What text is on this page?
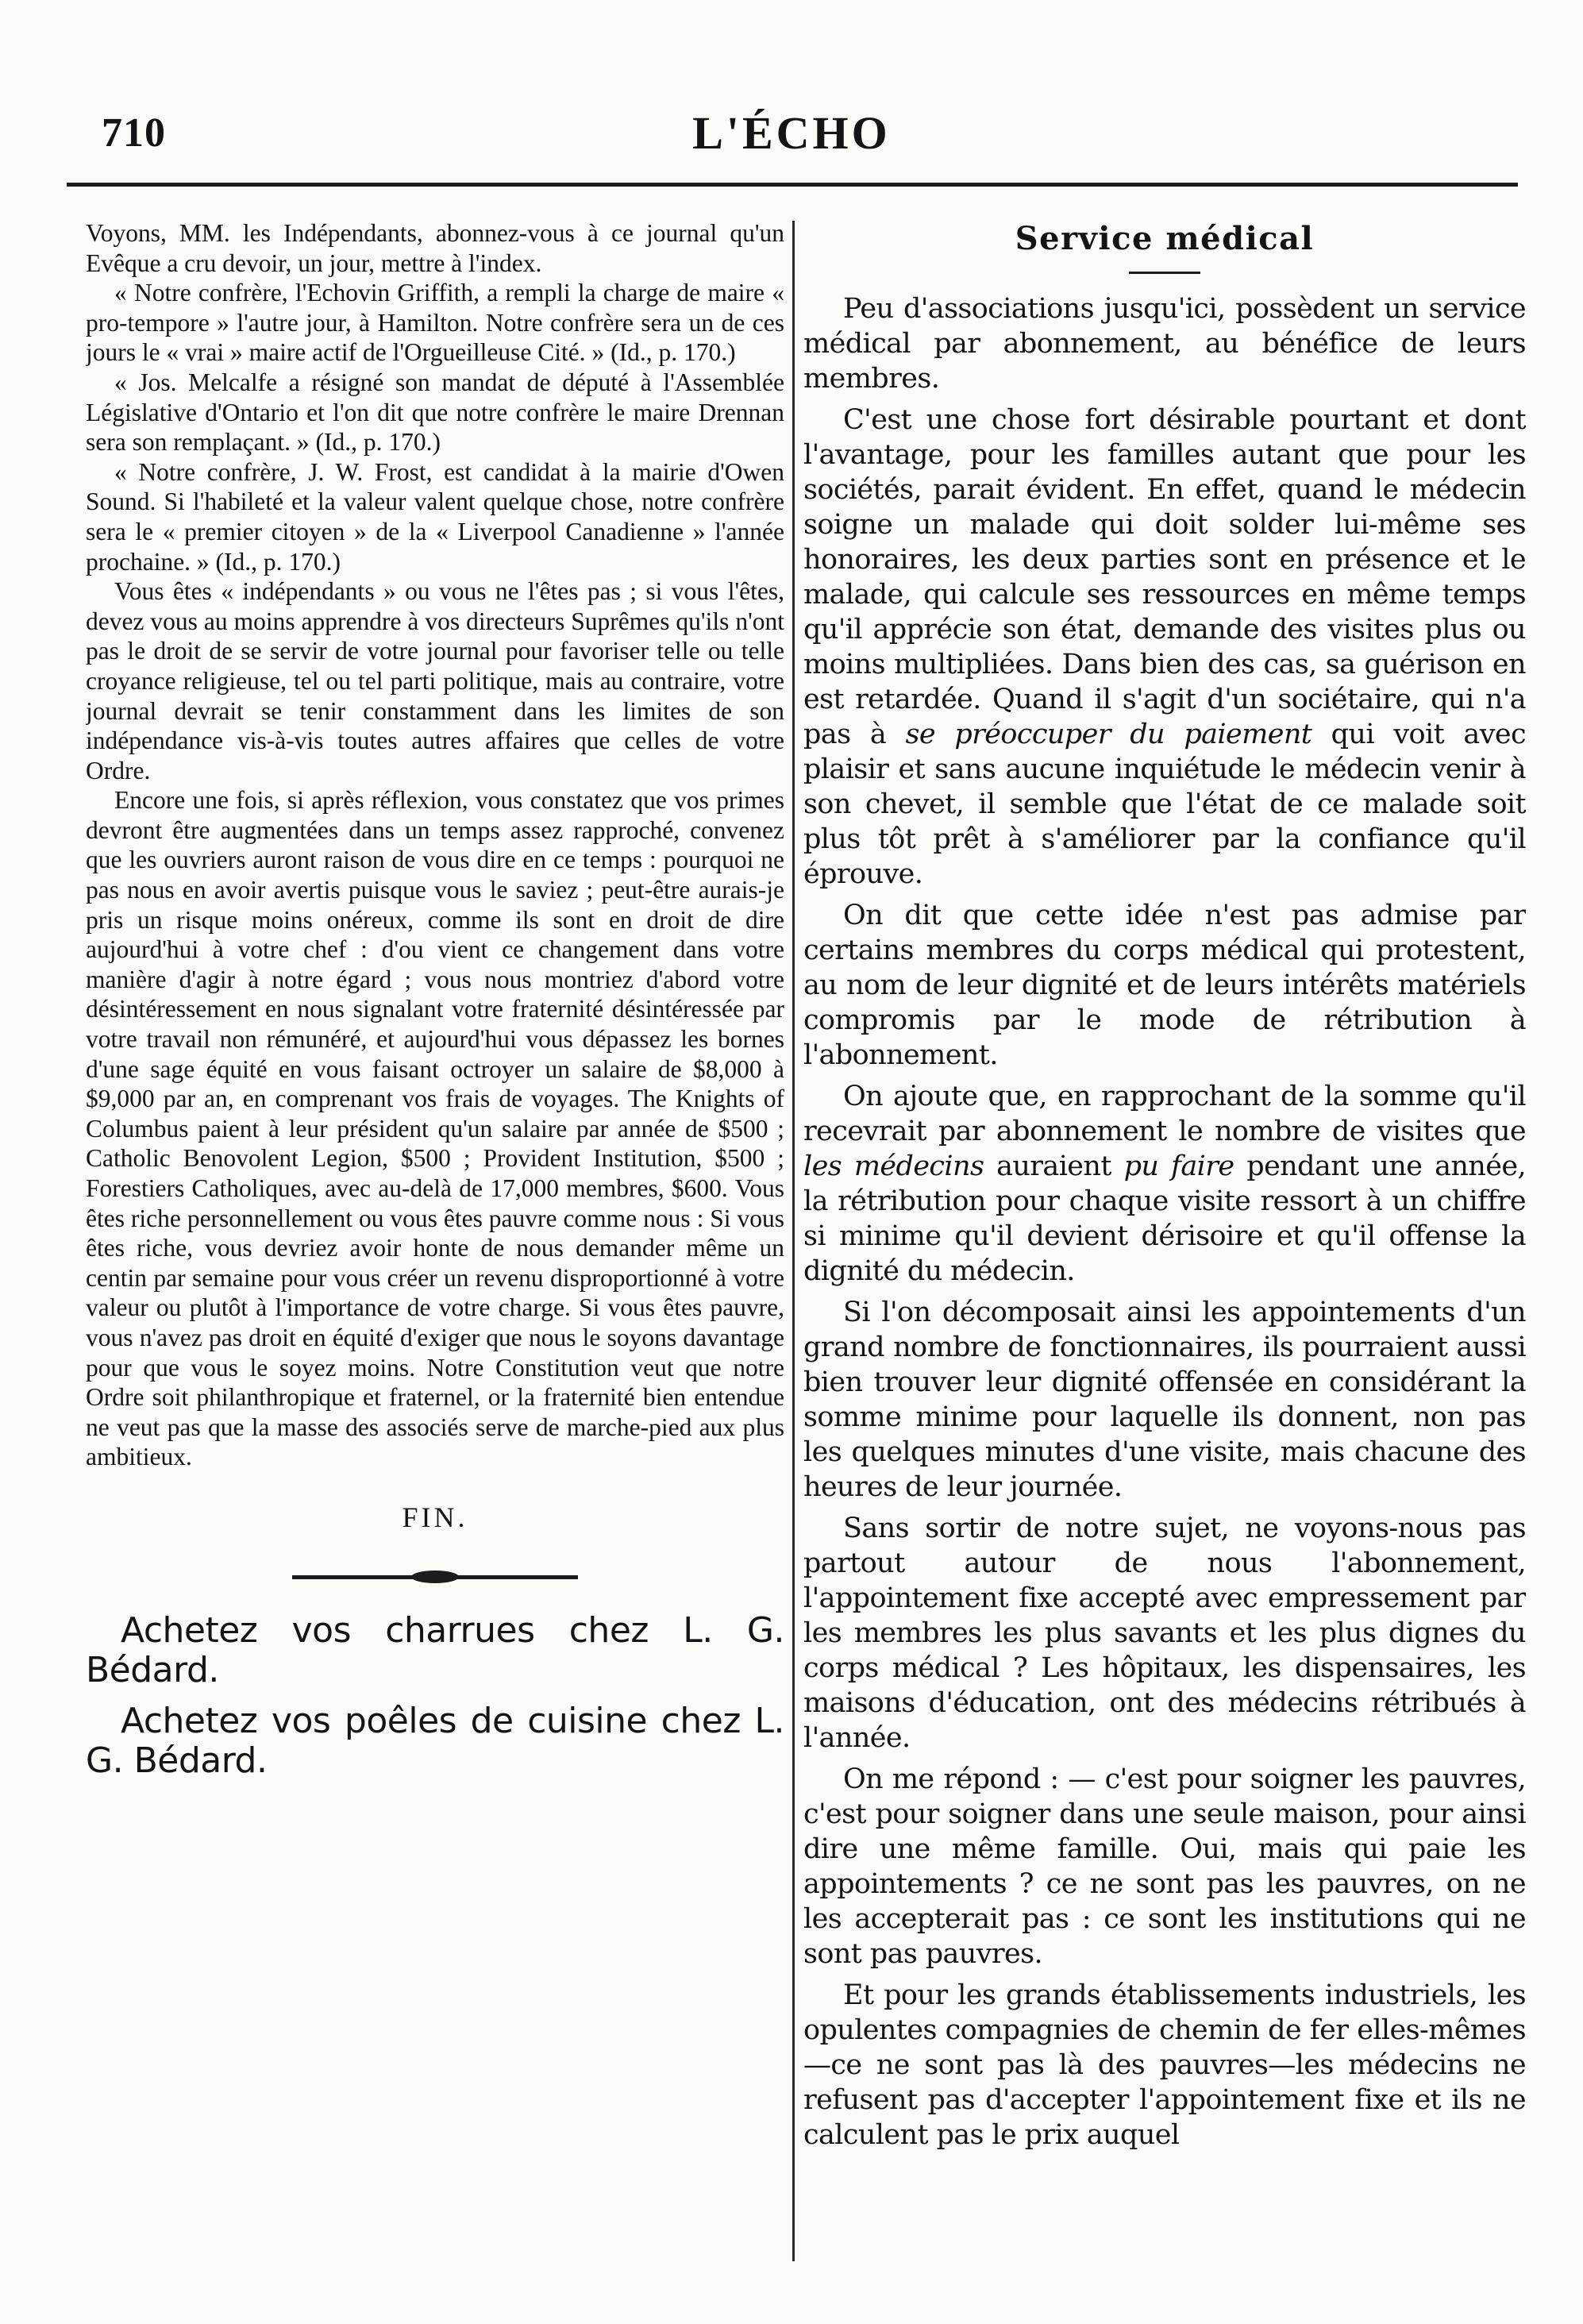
710	L'ÉCHO

Voyons, MM. les Indépendants, abonnez-vous à ce journal qu'un Evêque a cru devoir, un jour, mettre à l'index.

« Notre confrère, l'Echovin Griffith, a rempli la charge de maire « pro-tempore » l'autre jour, à Hamilton. Notre confrère sera un de ces jours le « vrai » maire actif de l'Orgueilleuse Cité. » (Id., p. 170.)

« Jos. Melcalfe a résigné son mandat de député à l'Assemblée Législative d'Ontario et l'on dit que notre confrère le maire Drennan sera son remplaçant. » (Id., p. 170.)

« Notre confrère, J. W. Frost, est candidat à la mairie d'Owen Sound. Si l'habileté et la valeur valent quelque chose, notre confrère sera le « premier citoyen » de la « Liverpool Canadienne » l'année prochaine. » (Id., p. 170.)

Vous êtes « indépendants » ou vous ne l'êtes pas ; si vous l'êtes, devez vous au moins apprendre à vos directeurs Suprêmes qu'ils n'ont pas le droit de se servir de votre journal pour favoriser telle ou telle croyance religieuse, tel ou tel parti politique, mais au contraire, votre journal devrait se tenir constamment dans les limites de son indépendance vis-à-vis toutes autres affaires que celles de votre Ordre.

Encore une fois, si après réflexion, vous constatez que vos primes devront être augmentées dans un temps assez rapproché, convenez que les ouvriers auront raison de vous dire en ce temps : pourquoi ne pas nous en avoir avertis puisque vous le saviez ; peut-être aurais-je pris un risque moins onéreux, comme ils sont en droit de dire aujourd'hui à votre chef : d'ou vient ce changement dans votre manière d'agir à notre égard ; vous nous montriez d'abord votre désintéressement en nous signalant votre fraternité désintéressée par votre travail non rémunéré, et aujourd'hui vous dépassez les bornes d'une sage équité en vous faisant octroyer un salaire de $8,000 à $9,000 par an, en comprenant vos frais de voyages. The Knights of Columbus paient à leur président qu'un salaire par année de $500 ; Catholic Benovolent Legion, $500 ; Provident Institution, $500 ; Forestiers Catholiques, avec au-delà de 17,000 membres, $600. Vous êtes riche personnellement ou vous êtes pauvre comme nous : Si vous êtes riche, vous devriez avoir honte de nous demander même un centin par semaine pour vous créer un revenu disproportionné à votre valeur ou plutôt à l'importance de votre charge. Si vous êtes pauvre, vous n'avez pas droit en équité d'exiger que nous le soyons davantage pour que vous le soyez moins. Notre Constitution veut que notre Ordre soit philanthropique et fraternel, or la fraternité bien entendue ne veut pas que la masse des associés serve de marche-pied aux plus ambitieux.

FIN.

Achetez vos charrues chez L. G. Bédard.

Achetez vos poêles de cuisine chez L. G. Bédard.

Service médical

Peu d'associations jusqu'ici, possèdent un service médical par abonnement, au bénéfice de leurs membres.

C'est une chose fort désirable pourtant et dont l'avantage, pour les familles autant que pour les sociétés, parait évident. En effet, quand le médecin soigne un malade qui doit solder lui-même ses honoraires, les deux parties sont en présence et le malade, qui calcule ses ressources en même temps qu'il apprécie son état, demande des visites plus ou moins multipliées. Dans bien des cas, sa guérison en est retardée. Quand il s'agit d'un sociétaire, qui n'a pas à se préoccuper du paiement qui voit avec plaisir et sans aucune inquiétude le médecin venir à son chevet, il semble que l'état de ce malade soit plus tôt prêt à s'améliorer par la confiance qu'il éprouve.

On dit que cette idée n'est pas admise par certains membres du corps médical qui protestent, au nom de leur dignité et de leurs intérêts matériels compromis par le mode de rétribution à l'abonnement.

On ajoute que, en rapprochant de la somme qu'il recevrait par abonnement le nombre de visites que les médecins auraient pu faire pendant une année, la rétribution pour chaque visite ressort à un chiffre si minime qu'il devient dérisoire et qu'il offense la dignité du médecin.

Si l'on décomposait ainsi les appointements d'un grand nombre de fonctionnaires, ils pourraient aussi bien trouver leur dignité offensée en considérant la somme minime pour laquelle ils donnent, non pas les quelques minutes d'une visite, mais chacune des heures de leur journée.

Sans sortir de notre sujet, ne voyons-nous pas partout autour de nous l'abonnement, l'appointement fixe accepté avec empressement par les membres les plus savants et les plus dignes du corps médical ? Les hôpitaux, les dispensaires, les maisons d'éducation, ont des médecins rétribués à l'année.

On me répond : — c'est pour soigner les pauvres, c'est pour soigner dans une seule maison, pour ainsi dire une même famille. Oui, mais qui paie les appointements ? ce ne sont pas les pauvres, on ne les accepterait pas : ce sont les institutions qui ne sont pas pauvres.

Et pour les grands établissements industriels, les opulentes compagnies de chemin de fer elles-mêmes—ce ne sont pas là des pauvres—les médecins ne refusent pas d'accepter l'appointement fixe et ils ne calculent pas le prix auquel
